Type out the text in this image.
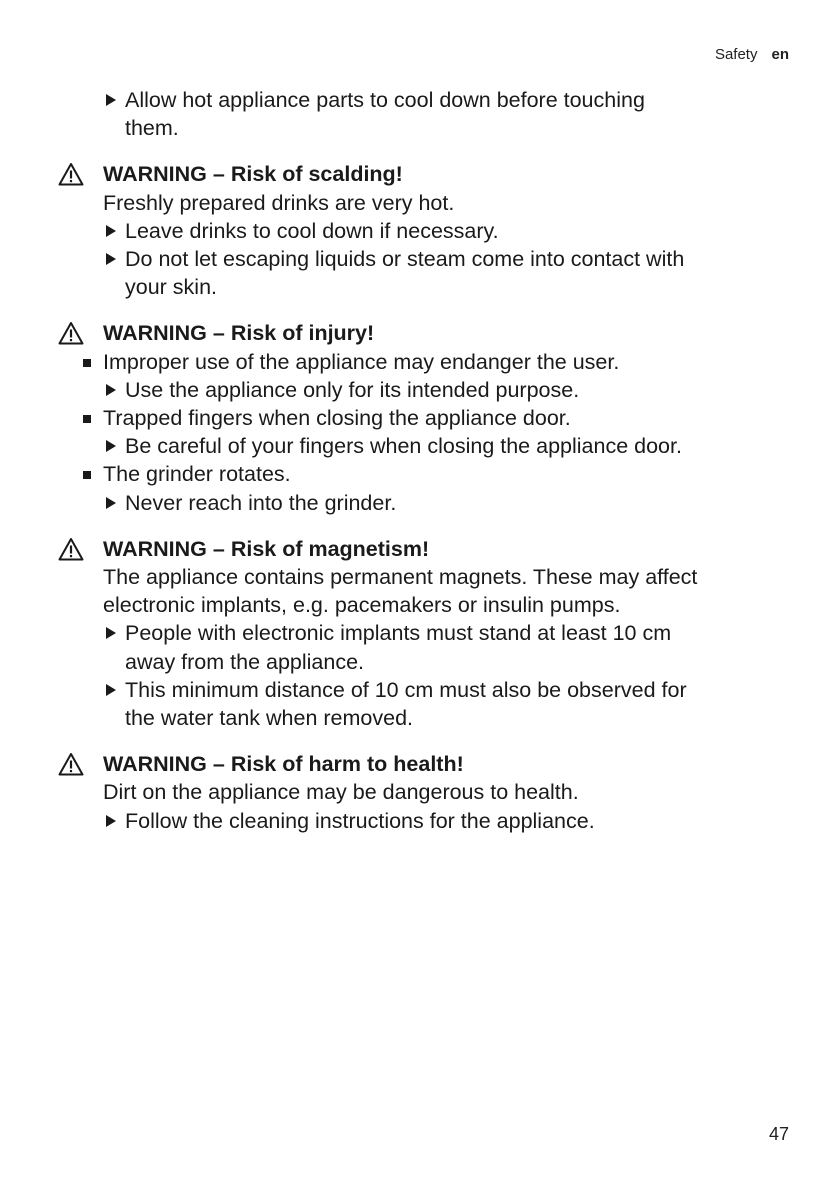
Safety en
Allow hot appliance parts to cool down before touching
them.
WARNING – Risk of scalding!
Freshly prepared drinks are very hot.
Leave drinks to cool down if necessary.
Do not let escaping liquids or steam come into contact with
your skin.
WARNING – Risk of injury!
Improper use of the appliance may endanger the user.
Use the appliance only for its intended purpose.
Trapped fingers when closing the appliance door.
Be careful of your fingers when closing the appliance door.
The grinder rotates.
Never reach into the grinder.
WARNING – Risk of magnetism!
The appliance contains permanent magnets. These may affect
electronic implants, e.g. pacemakers or insulin pumps.
People with electronic implants must stand at least 10 cm
away from the appliance.
This minimum distance of 10 cm must also be observed for
the water tank when removed.
WARNING – Risk of harm to health!
Dirt on the appliance may be dangerous to health.
Follow the cleaning instructions for the appliance.
47
